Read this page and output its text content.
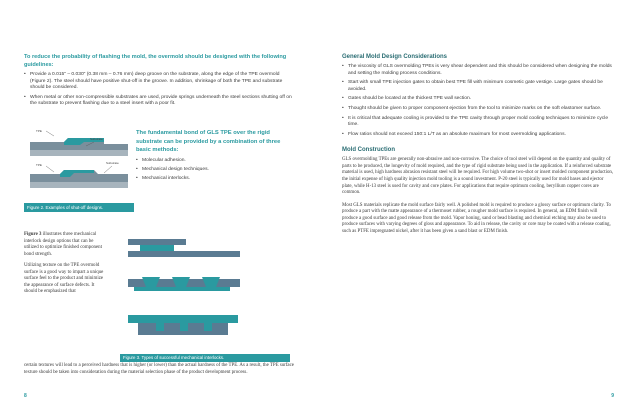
To reduce the probability of flashing the mold, the overmold should be designed with the following guidelines:
• Provide a 0.015" – 0.030" (0.38 mm – 0.76 mm) deep groove on the substrate, along the edge of the TPE overmold (Figure 2). The steel should have positive shut-off in the groove. In addition, shrinkage of both the TPE and substrate should be considered.
• When metal or other non-compressible substrates are used, provide springs underneath the steel sections shutting off on the substrate to prevent flashing due to a steel insert with a poor fit.
TPE
Substrate
TPE	Substrate
Figure 2. Examples of shut-off designs.
The fundamental bond of GLS TPE over the rigid substrate can be provided by a combination of three basic methods:
• Molecular adhesion.
• Mechanical design techniques.
• Mechanical interlocks.

Figure 3 illustrates three mechanical interlock design options that can be utilized to optimize finished component bond strength.

Utilizing texture on the TPE overmold surface is a good way to impart a unique surface feel to the product and minimize the appearance of surface defects. It should be emphasized that

Figure 3. Types of successful mechanical interlocks.
certain textures will lead to a perceived hardness that is higher (or lower) than the actual hardness of the TPE. As a result, the TPE surface texture should be taken into consideration during the material selection phase of the product development process.
General Mold Design Considerations
• The viscosity of GLS overmolding TPEs is very shear dependent and this should be considered when designing the molds and setting the molding process conditions.
• Start with small TPE injection gates to obtain best TPE fill with minimum cosmetic gate vestige. Large gates should be avoided.
• Gates should be located at the thickest TPE wall section.
• Thought should be given to proper component ejection from the tool to minimize marks on the soft elastomer surface.
• It is critical that adequate cooling is provided to the TPE cavity through proper mold cooling techniques to minimize cycle time.
• Flow ratios should not exceed 150:1 L/T as an absolute maximum for most overmolding applications.
Mold Construction

GLS overmolding TPEs are generally non-abrasive and non-corrosive. The choice of tool steel will depend on the quantity and quality of parts to be produced, the longevity of mold required, and the type of rigid substrate being used in the application. If a reinforced substrate material is used, high hardness abrasion resistant steel will be required. For high volume two-shot or insert molded component production, the initial expense of high quality injection mold tooling is a sound investment. P-20 steel is typically used for mold bases and ejector plate, while H-13 steel is used for cavity and core plates. For applications that require optimum cooling, beryllium copper cores are common.

Most GLS materials replicate the mold surface fairly well. A polished mold is required to produce a glossy surface or optimum clarity. To produce a part with the matte appearance of a thermoset rubber, a rougher mold surface is required. In general, an EDM finish will produce a good surface and good release from the mold. Vapor honing, sand or bead blasting and chemical etching may also be used to produce surfaces with varying degrees of gloss and appearance. To aid in release, the cavity or core may be coated with a release coating, such as PTFE impregnated nickel, after it has been given a sand blast or EDM finish.

8	9
